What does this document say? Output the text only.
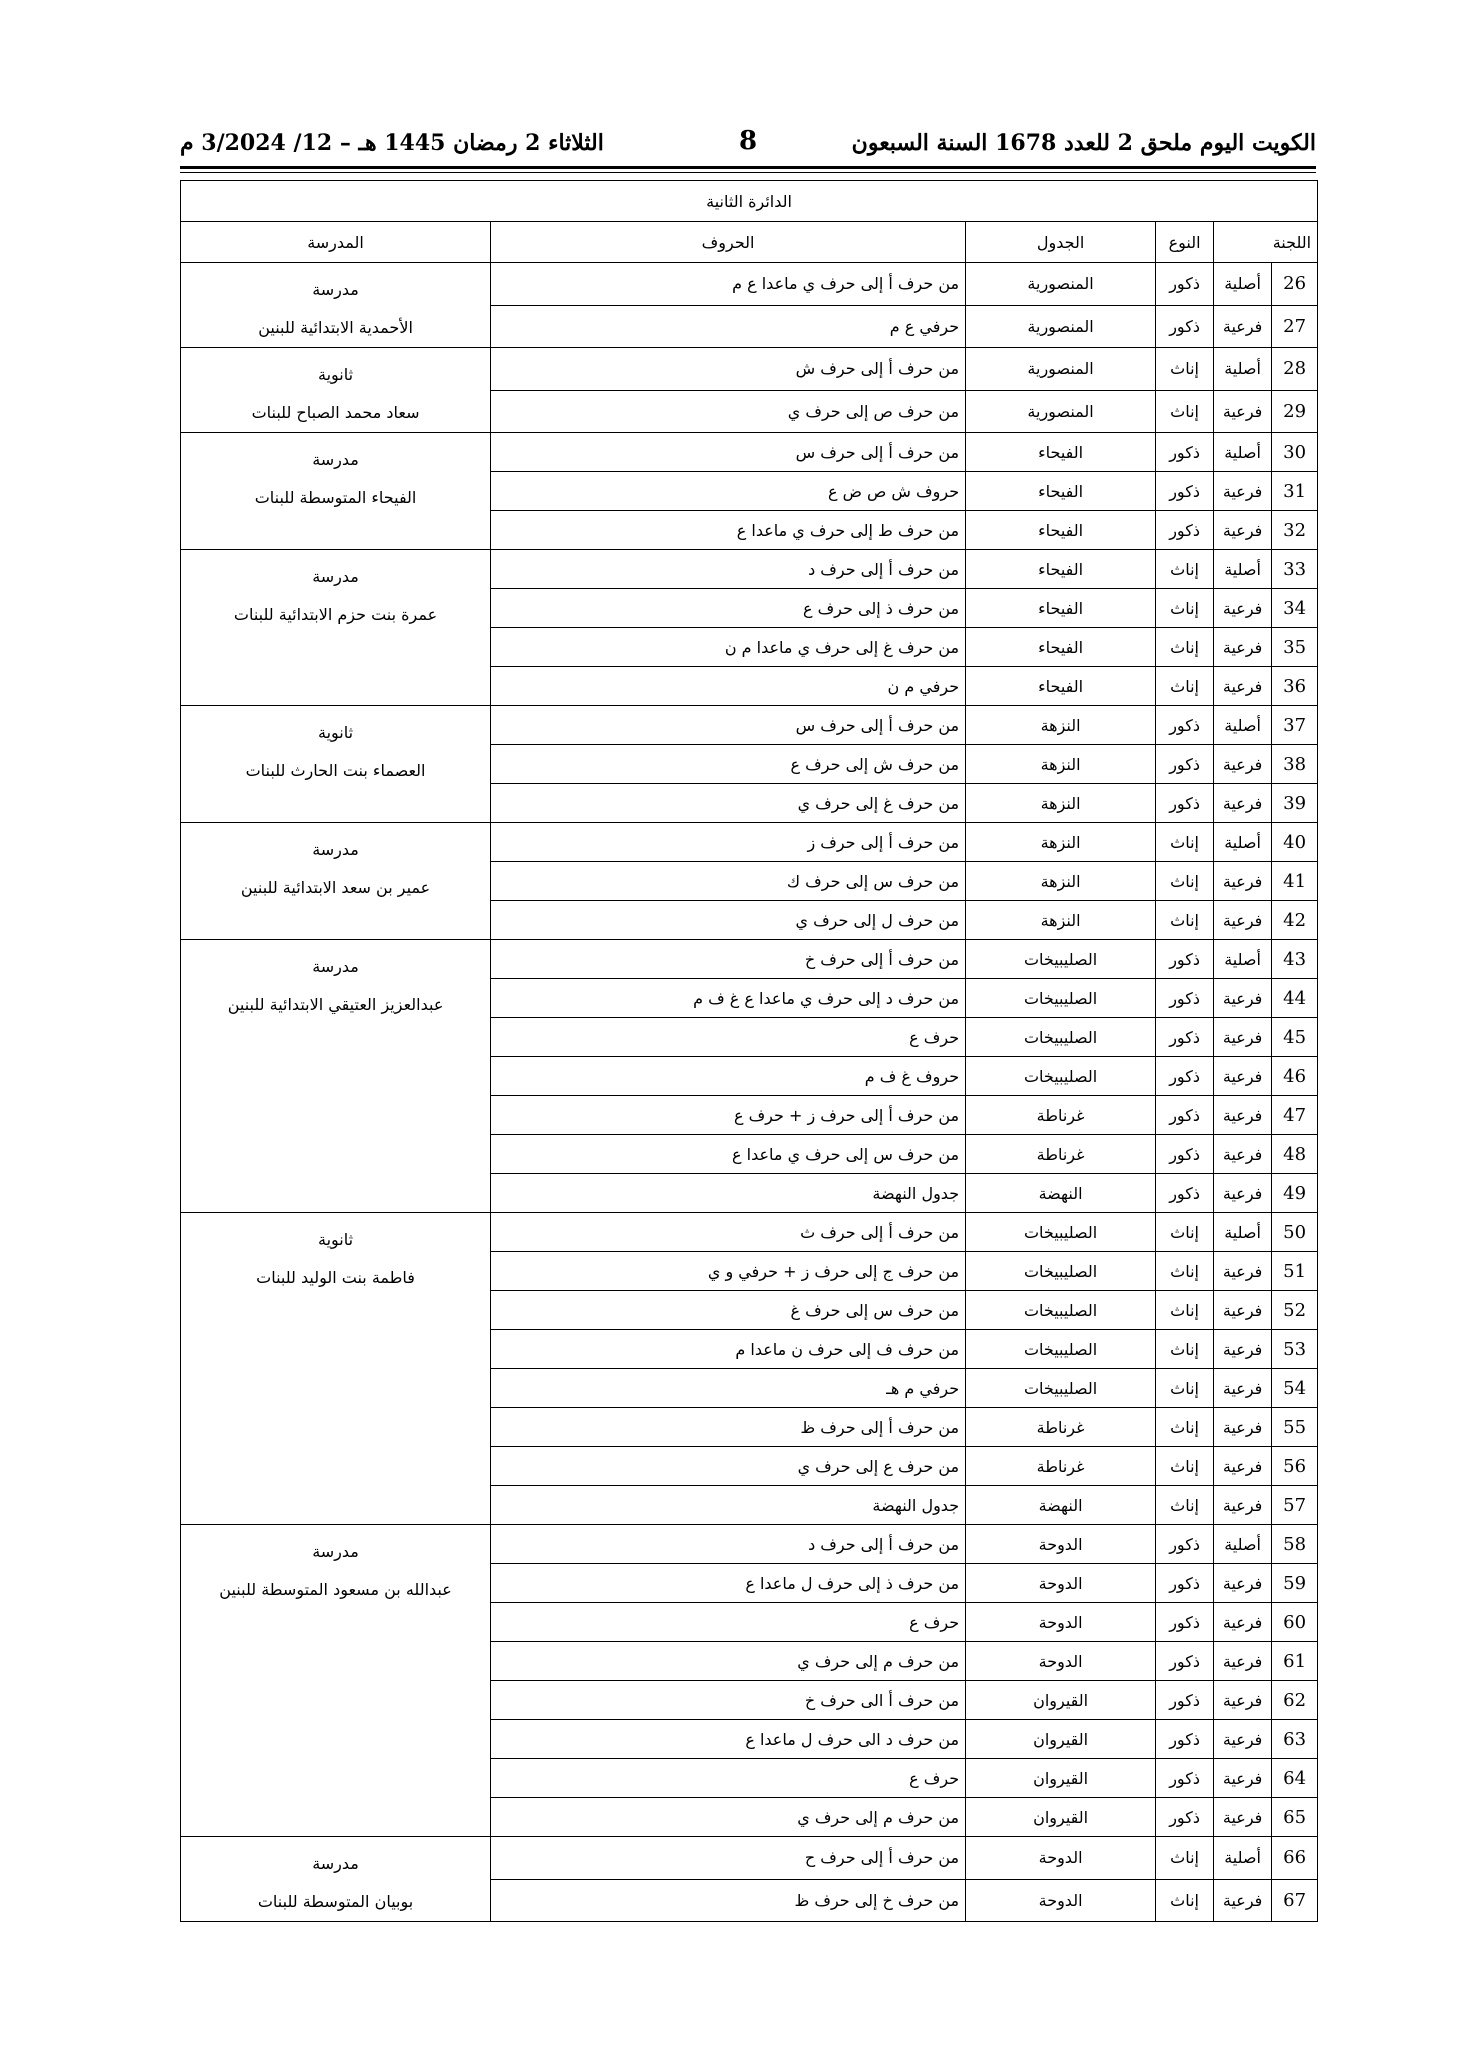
الكويت اليوم ملحق 2 للعدد 1678 السنة السبعون
8
الثلاثاء 2 رمضان 1445 هـ – 12/ 3/2024 م
الدائرة الثانية					
اللجنة		النوع	الجدول	الحروف	المدرسة
26	أصلية	ذكور	المنصورية	من حرف أ إلى حرف ي ماعدا ع م	مدرسة
الأحمدية الابتدائية للبنين

27	فرعية	ذكور	المنصورية	حرفي ع م	
28	أصلية	إناث	المنصورية	من حرف أ إلى حرف ش	ثانوية
سعاد محمد الصباح للبنات

29	فرعية	إناث	المنصورية	من حرف ص إلى حرف ي	
30	أصلية	ذكور	الفيحاء	من حرف أ إلى حرف س	مدرسة
الفيحاء المتوسطة للبنات

31	فرعية	ذكور	الفيحاء	حروف ش ص ض ع	
32	فرعية	ذكور	الفيحاء	من حرف ط إلى حرف ي ماعدا ع	
33	أصلية	إناث	الفيحاء	من حرف أ إلى حرف د	مدرسة
عمرة بنت حزم الابتدائية للبنات

34	فرعية	إناث	الفيحاء	من حرف ذ إلى حرف ع	
35	فرعية	إناث	الفيحاء	من حرف غ إلى حرف ي ماعدا م ن	
36	فرعية	إناث	الفيحاء	حرفي م ن	
37	أصلية	ذكور	النزهة	من حرف أ إلى حرف س	ثانوية
العصماء بنت الحارث للبنات

38	فرعية	ذكور	النزهة	من حرف ش إلى حرف ع	
39	فرعية	ذكور	النزهة	من حرف غ إلى حرف ي	
40	أصلية	إناث	النزهة	من حرف أ إلى حرف ز	مدرسة
عمير بن سعد الابتدائية للبنين

41	فرعية	إناث	النزهة	من حرف س إلى حرف ك	
42	فرعية	إناث	النزهة	من حرف ل إلى حرف ي	
43	أصلية	ذكور	الصليبيخات	من حرف أ إلى حرف خ	مدرسة
عبدالعزيز العتيقي الابتدائية للبنين

44	فرعية	ذكور	الصليبيخات	من حرف د إلى حرف ي ماعدا ع غ ف م	
45	فرعية	ذكور	الصليبيخات	حرف ع	
46	فرعية	ذكور	الصليبيخات	حروف غ ف م	
47	فرعية	ذكور	غرناطة	من حرف أ إلى حرف ز + حرف ع	
48	فرعية	ذكور	غرناطة	من حرف س إلى حرف ي ماعدا ع	
49	فرعية	ذكور	النهضة	جدول النهضة	
50	أصلية	إناث	الصليبيخات	من حرف أ إلى حرف ث	ثانوية
فاطمة بنت الوليد للبنات

51	فرعية	إناث	الصليبيخات	من حرف ج إلى حرف ز + حرفي و ي	
52	فرعية	إناث	الصليبيخات	من حرف س إلى حرف غ	
53	فرعية	إناث	الصليبيخات	من حرف ف إلى حرف ن ماعدا م	
54	فرعية	إناث	الصليبيخات	حرفي م هـ	
55	فرعية	إناث	غرناطة	من حرف أ إلى حرف ظ	
56	فرعية	إناث	غرناطة	من حرف ع إلى حرف ي	
57	فرعية	إناث	النهضة	جدول النهضة	
58	أصلية	ذكور	الدوحة	من حرف أ إلى حرف د	مدرسة
عبدالله بن مسعود المتوسطة للبنين

59	فرعية	ذكور	الدوحة	من حرف ذ إلى حرف ل ماعدا ع	
60	فرعية	ذكور	الدوحة	حرف ع	
61	فرعية	ذكور	الدوحة	من حرف م إلى حرف ي	
62	فرعية	ذكور	القيروان	من حرف أ الى حرف خ	
63	فرعية	ذكور	القيروان	من حرف د الى حرف ل ماعدا ع	
64	فرعية	ذكور	القيروان	حرف ع	
65	فرعية	ذكور	القيروان	من حرف م إلى حرف ي	
66	أصلية	إناث	الدوحة	من حرف أ إلى حرف ح	مدرسة
بوبيان المتوسطة للبنات

67	فرعية	إناث	الدوحة	من حرف خ إلى حرف ظ	
